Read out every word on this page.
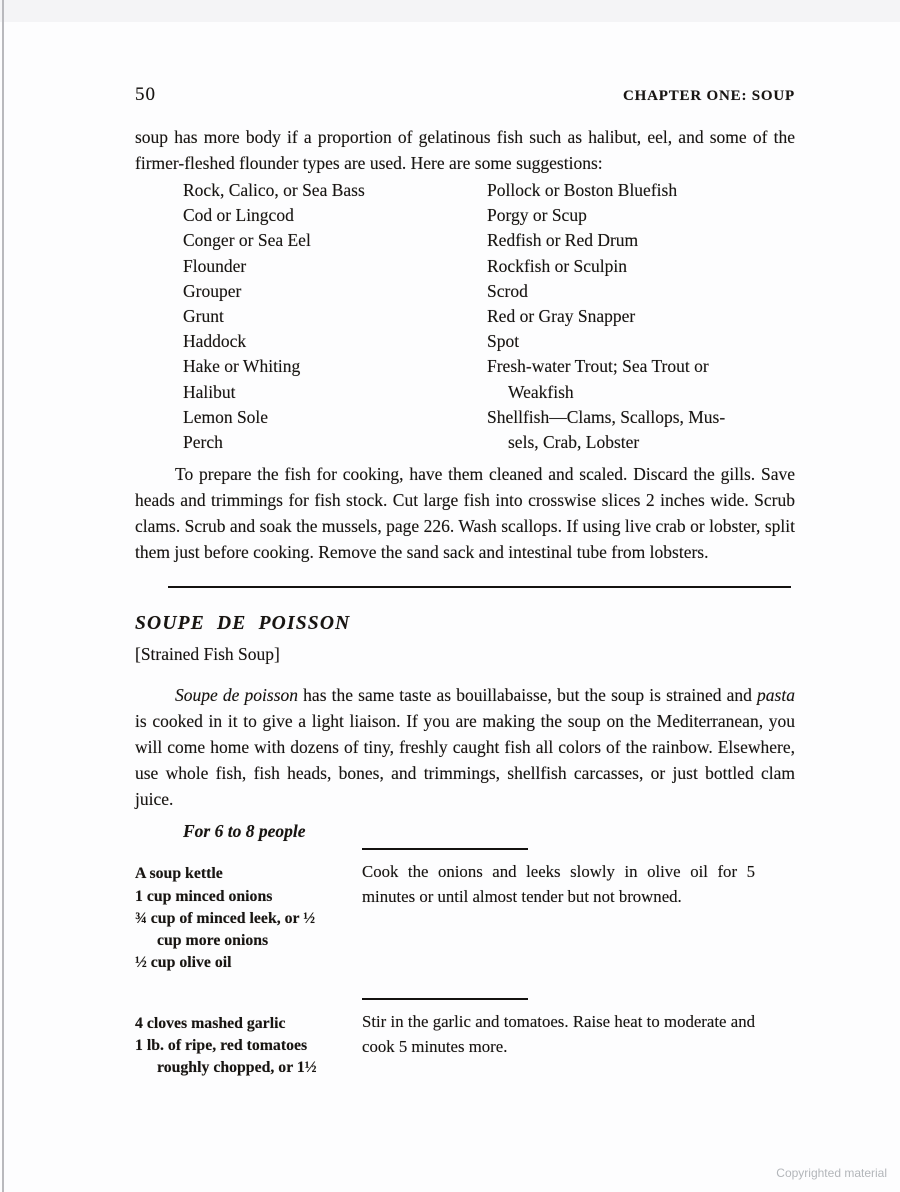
50	CHAPTER ONE: SOUP

soup has more body if a proportion of gelatinous fish such as halibut, eel, and some of the firmer-fleshed flounder types are used. Here are some suggestions:

Rock, Calico, or Sea Bass
Cod or Lingcod
Conger or Sea Eel
Flounder
Grouper
Grunt
Haddock
Hake or Whiting
Halibut
Lemon Sole
Perch
Pollock or Boston Bluefish
Porgy or Scup
Redfish or Red Drum
Rockfish or Sculpin
Scrod
Red or Gray Snapper
Spot
Fresh-water Trout; Sea Trout or
Weakfish
Shellfish—Clams, Scallops, Mus-
sels, Crab, Lobster

To prepare the fish for cooking, have them cleaned and scaled. Discard the gills. Save heads and trimmings for fish stock. Cut large fish into crosswise slices 2 inches wide. Scrub clams. Scrub and soak the mussels, page 226. Wash scallops. If using live crab or lobster, split them just before cooking. Remove the sand sack and intestinal tube from lobsters.

SOUPE DE POISSON
[Strained Fish Soup]

Soupe de poisson has the same taste as bouillabaisse, but the soup is strained and pasta is cooked in it to give a light liaison. If you are making the soup on the Mediterranean, you will come home with dozens of tiny, freshly caught fish all colors of the rainbow. Elsewhere, use whole fish, fish heads, bones, and trimmings, shellfish carcasses, or just bottled clam juice.

For 6 to 8 people
A soup kettle
1 cup minced onions
¾ cup of minced leek, or ½
cup more onions
½ cup olive oil

Cook the onions and leeks slowly in olive oil for 5 minutes or until almost tender but not browned.

4 cloves mashed garlic
1 lb. of ripe, red tomatoes
roughly chopped, or 1½

Stir in the garlic and tomatoes. Raise heat to moderate and cook 5 minutes more.

Copyrighted material
